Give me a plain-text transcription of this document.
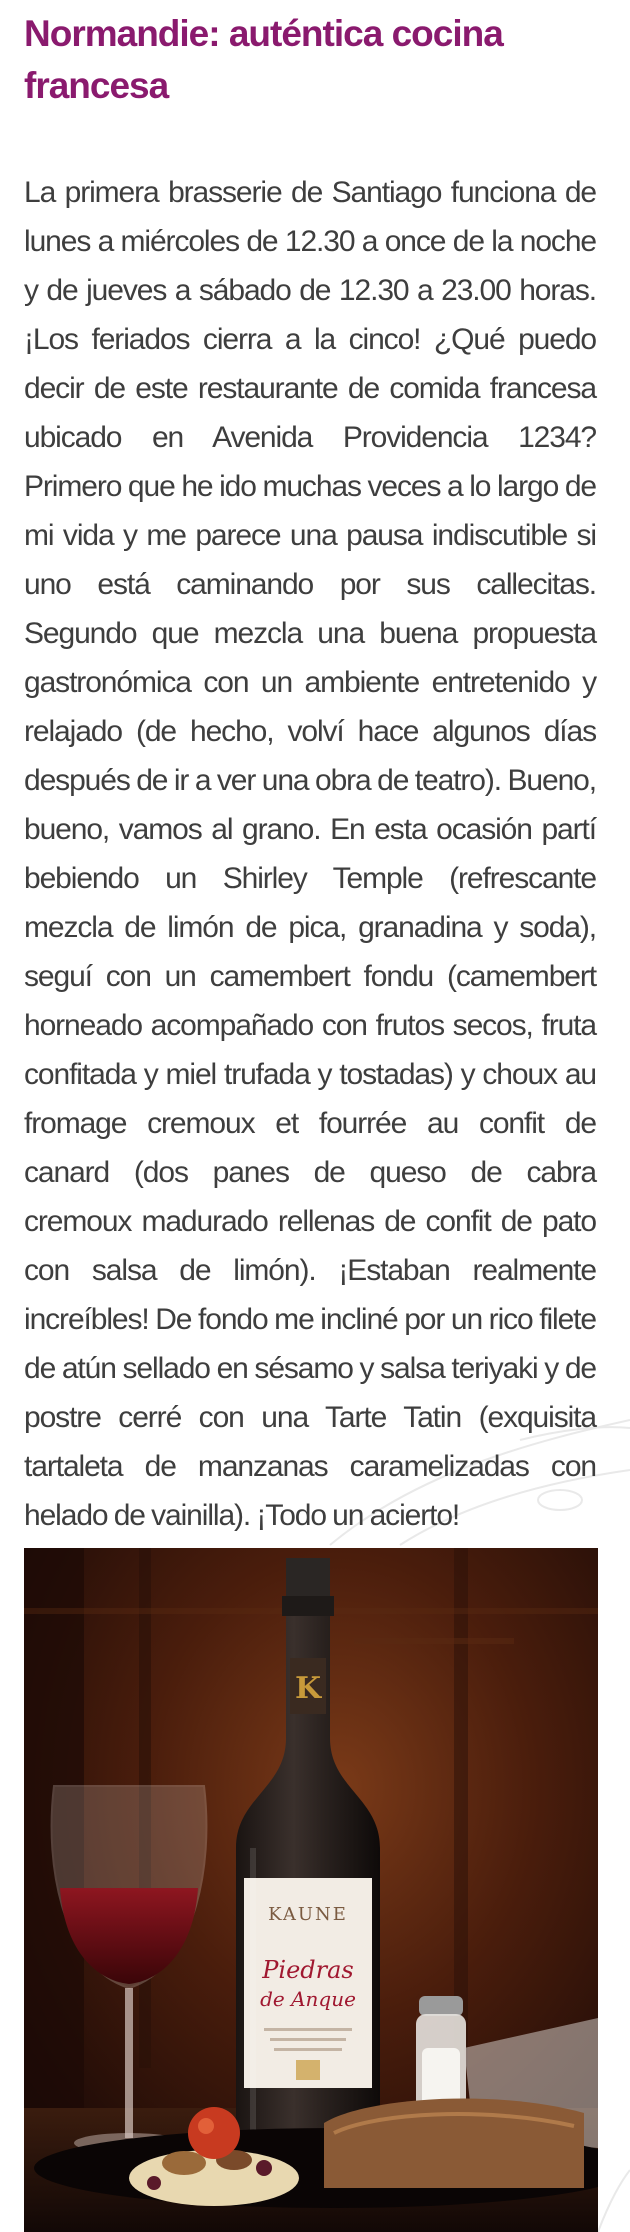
Normandie: auténtica cocina francesa

La primera brasserie de Santiago funciona de lunes a miércoles de 12.30 a once de la noche y de jueves a sábado de 12.30 a 23.00 horas. ¡Los feriados cierra a la cinco! ¿Qué puedo decir de este restaurante de comida francesa ubicado en Avenida Providencia 1234? Primero que he ido muchas veces a lo largo de mi vida y me parece una pausa indiscutible si uno está caminando por sus callecitas. Segundo que mezcla una buena propuesta gastronómica con un ambiente entretenido y relajado (de hecho, volví hace algunos días después de ir a ver una obra de teatro). Bueno, bueno, vamos al grano. En esta ocasión partí bebiendo un Shirley Temple (refrescante mezcla de limón de pica, granadina y soda), seguí con un camembert fondu (camembert horneado acompañado con frutos secos, fruta confitada y miel trufada y tostadas) y choux au fromage cremoux et fourrée au confit de canard (dos panes de queso de cabra cremoux madurado rellenas de confit de pato con salsa de limón). ¡Estaban realmente increíbles! De fondo me incliné por un rico filete de atún sellado en sésamo y salsa teriyaki y de postre cerré con una Tarte Tatin (exquisita tartaleta de manzanas caramelizadas con helado de vainilla). ¡Todo un acierto!

K
KAUNE
Piedras
de Anque
